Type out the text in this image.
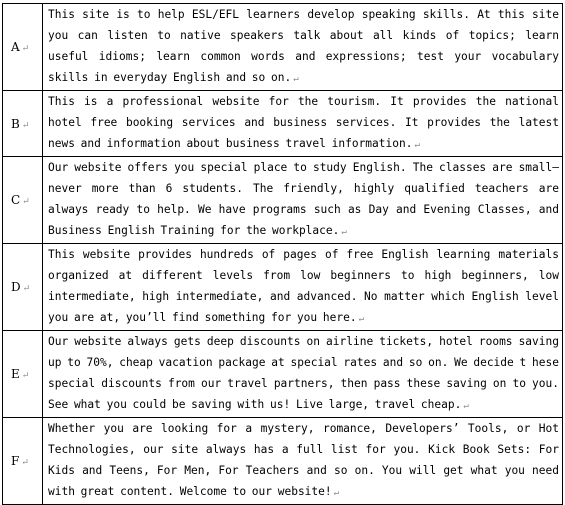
A ↵	This site is to help ESL/EFL learners develop speaking skills. At this site you can listen to native speakers talk about all kinds of topics; learn useful idioms; learn common words and expressions; test your vocabulary skills in everyday English and so on. ↵
B ↵	This is a professional website for the tourism. It provides the national hotel free booking services and business services. It provides the latest news and information about business travel information. ↵
C ↵	Our website offers you special place to study English. The classes are small—never more than 6 students. The friendly, highly qualified teachers are always ready to help. We have programs such as Day and Evening Classes, and Business English Training for the workplace. ↵
D ↵	This website provides hundreds of pages of free English learning materials organized at different levels from low beginners to high beginners, low intermediate, high intermediate, and advanced. No matter which English level you are at, you’ll find something for you here. ↵
E ↵	Our website always gets deep discounts on airline tickets, hotel rooms saving up to 70%, cheap vacation package at special rates and so on. We decide t hese special discounts from our travel partners, then pass these saving on to you. See what you could be saving with us! Live large, travel cheap. ↵
F ↵	Whether you are looking for a mystery, romance, Developers’ Tools, or Hot Technologies, our site always has a full list for you. Kick Book Sets: For Kids and Teens, For Men, For Teachers and so on. You will get what you need with great content. Welcome to our website! ↵
